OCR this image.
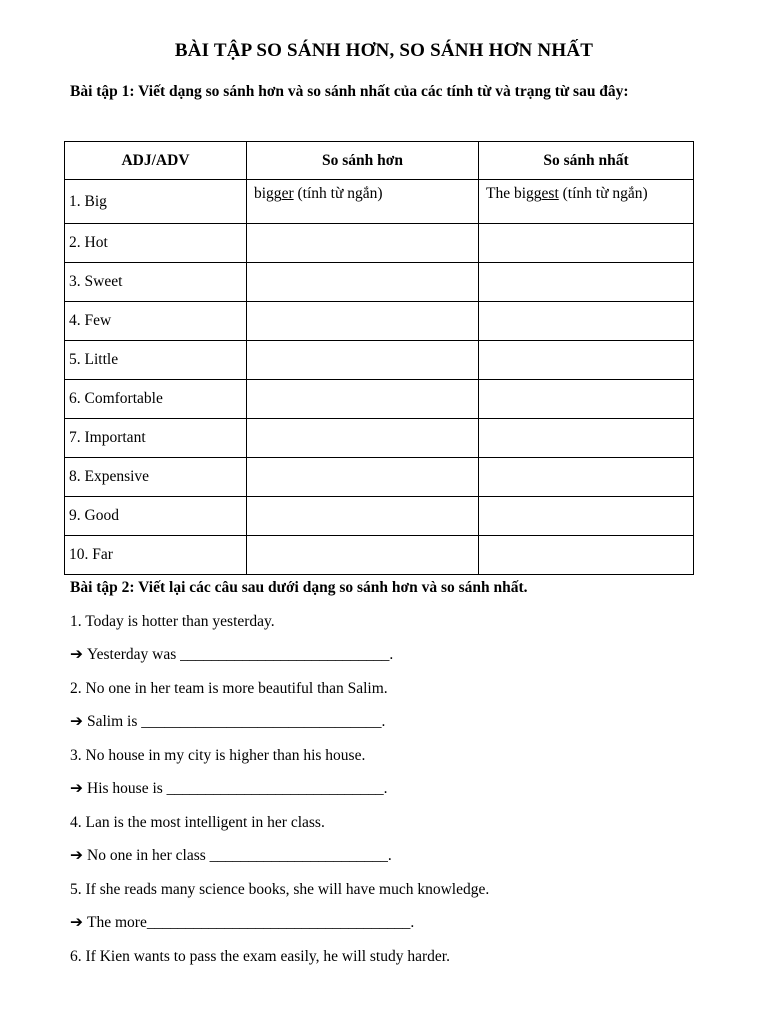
BÀI TẬP SO SÁNH HƠN, SO SÁNH HƠN NHẤT
Bài tập 1: Viết dạng so sánh hơn và so sánh nhất của các tính từ và trạng từ sau đây:
ADJ/ADV	So sánh hơn	So sánh nhất
1. Big	bigger (tính từ ngắn)	The biggest (tính từ ngắn)
2. Hot		
3. Sweet		
4. Few		
5. Little		
6. Comfortable		
7. Important		
8. Expensive		
9. Good		
10. Far		
Bài tập 2: Viết lại các câu sau dưới dạng so sánh hơn và so sánh nhất.
1. Today is hotter than yesterday.
➔ Yesterday was ___________________________.
2. No one in her team is more beautiful than Salim.
➔ Salim is _______________________________.
3. No house in my city is higher than his house.
➔ His house is ____________________________.
4. Lan is the most intelligent in her class.
➔ No one in her class _______________________.
5. If she reads many science books, she will have much knowledge.
➔ The more__________________________________.
6. If Kien wants to pass the exam easily, he will study harder.
